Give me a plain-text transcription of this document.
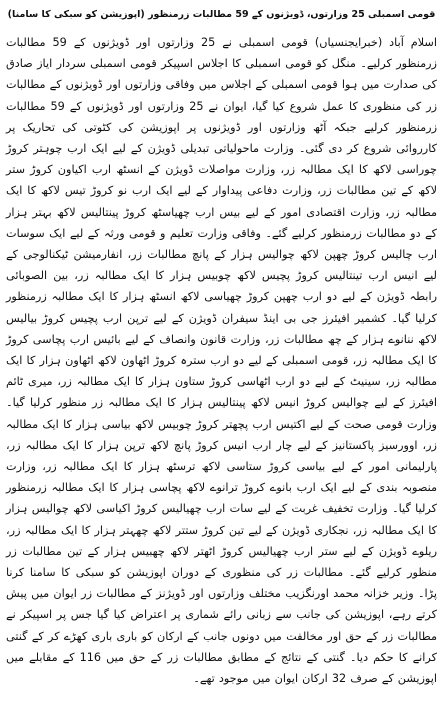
قومی اسمبلی 25 وزارتوں، ڈویژنوں کے 59 مطالبات زرمنظور (اپوزیشن کو سبکی کا سامنا)

اسلام آباد (خبرایجنسیاں) قومی اسمبلی نے 25 وزارتوں اور ڈویژنوں کے 59 مطالبات زرمنظور کرلیے۔ منگل کو قومی اسمبلی کا اجلاس اسپیکر قومی اسمبلی سردار ایاز صادق کی صدارت میں ہوا قومی اسمبلی کے اجلاس میں وفاقی وزارتوں اور ڈویژنوں کے مطالبات زر کی منظوری کا عمل شروع کیا گیا، ایوان نے 25 وزارتوں اور ڈویژنوں کے 59 مطالبات زرمنظور کرلیے جبکہ آٹھ وزارتوں اور ڈویژنوں پر اپوزیشن کی کٹوتی کی تحاریک پر کارروائی شروع کر دی گئی۔ وزارت ماحولیاتی تبدیلی ڈویژن کے لیے ایک ارب چوہتر کروڑ چوراسی لاکھ کا ایک مطالبہ زر، وزارت مواصلات ڈویژن کے انسٹھ ارب اکیاون کروڑ ستر لاکھ کے تین مطالبات زر، وزارت دفاعی پیداوار کے لیے ایک ارب نو کروڑ تیس لاکھ کا ایک مطالبہ زر، وزارت اقتصادی امور کے لیے بیس ارب چھیاسٹھ کروڑ پینتالیس لاکھ بہتر ہزار کے دو مطالبات زرمنظور کرلیے گئے۔ وفاقی وزارت تعلیم و قومی ورثہ کے لیے ایک سوسات ارب چالیس کروڑ چھپن لاکھ چوالیس ہزار کے پانچ مطالبات زر، انفارمیشن ٹیکنالوجی کے لیے انیس ارب تینتالیس کروڑ پچیس لاکھ چوبیس ہزار کا ایک مطالبہ زر، بین الصوبائی رابطہ ڈویژن کے لیے دو ارب چھپن کروڑ چھیاسی لاکھ انسٹھ ہزار کا ایک مطالبہ زرمنظور کرلیا گیا۔ کشمیر افیئرز جی بی اینڈ سیفران ڈویژن کے لیے ترپن ارب پچیس کروڑ بیالیس لاکھ ننانوے ہزار کے چھ مطالبات زر، وزارت قانون وانصاف کے لیے بائیس ارب پچاسی کروڑ کا ایک مطالبہ زر، قومی اسمبلی کے لیے دو ارب سترہ کروڑ اٹھاون لاکھ اٹھاون ہزار کا ایک مطالبہ زر، سینیٹ کے لیے دو ارب اٹھاسی کروڑ ستاون ہزار کا ایک مطالبہ زر، میری ٹائم افیئرز کے لیے چوالیس کروڑ انیس لاکھ پینتالیس ہزار کا ایک مطالبہ زر منظور کرلیا گیا۔ وزارت قومی صحت کے لیے اکتیس ارب پچھتر کروڑ چوبیس لاکھ بیاسی ہزار کا ایک مطالبہ زر، اوورسیز پاکستانیز کے لیے چار ارب انیس کروڑ پانچ لاکھ ترپن ہزار کا ایک مطالبہ زر، پارلیمانی امور کے لیے بیاسی کروڑ ستاسی لاکھ ترسٹھ ہزار کا ایک مطالبہ زر، وزارت منصوبہ بندی کے لیے ایک ارب بانوے کروڑ ترانوے لاکھ پچاسی ہزار کا ایک مطالبہ زرمنظور کرلیا گیا۔ وزارت تخفیف غربت کے لیے سات ارب چھیالیس کروڑ اکیاسی لاکھ چوالیس ہزار کا ایک مطالبہ زر، نجکاری ڈویژن کے لیے تین کروڑ ستتر لاکھ چھہتر ہزار کا ایک مطالبہ زر، ریلوے ڈویژن کے لیے ستر ارب چھیالیس کروڑ اٹھتر لاکھ چھبیس ہزار کے تین مطالبات زر منظور کرلیے گئے۔ مطالبات زر کی منظوری کے دوران اپوزیشن کو سبکی کا سامنا کرنا پڑا۔ وزیر خزانہ محمد اورنگزیب مختلف وزارتوں اور ڈویژنز کے مطالبات زر ایوان میں پیش کرتے رہے، اپوزیشن کی جانب سے زبانی رائے شماری پر اعتراض کیا گیا جس پر اسپیکر نے مطالبات زر کے حق اور مخالفت میں دونوں جانب کے ارکان کو باری باری کھڑے کر کے گنتی کرانے کا حکم دیا۔ گنتی کے نتائج کے مطابق مطالبات زر کے حق میں 116 کے مقابلے میں اپوزیشن کے صرف 32 ارکان ایوان میں موجود تھے۔
